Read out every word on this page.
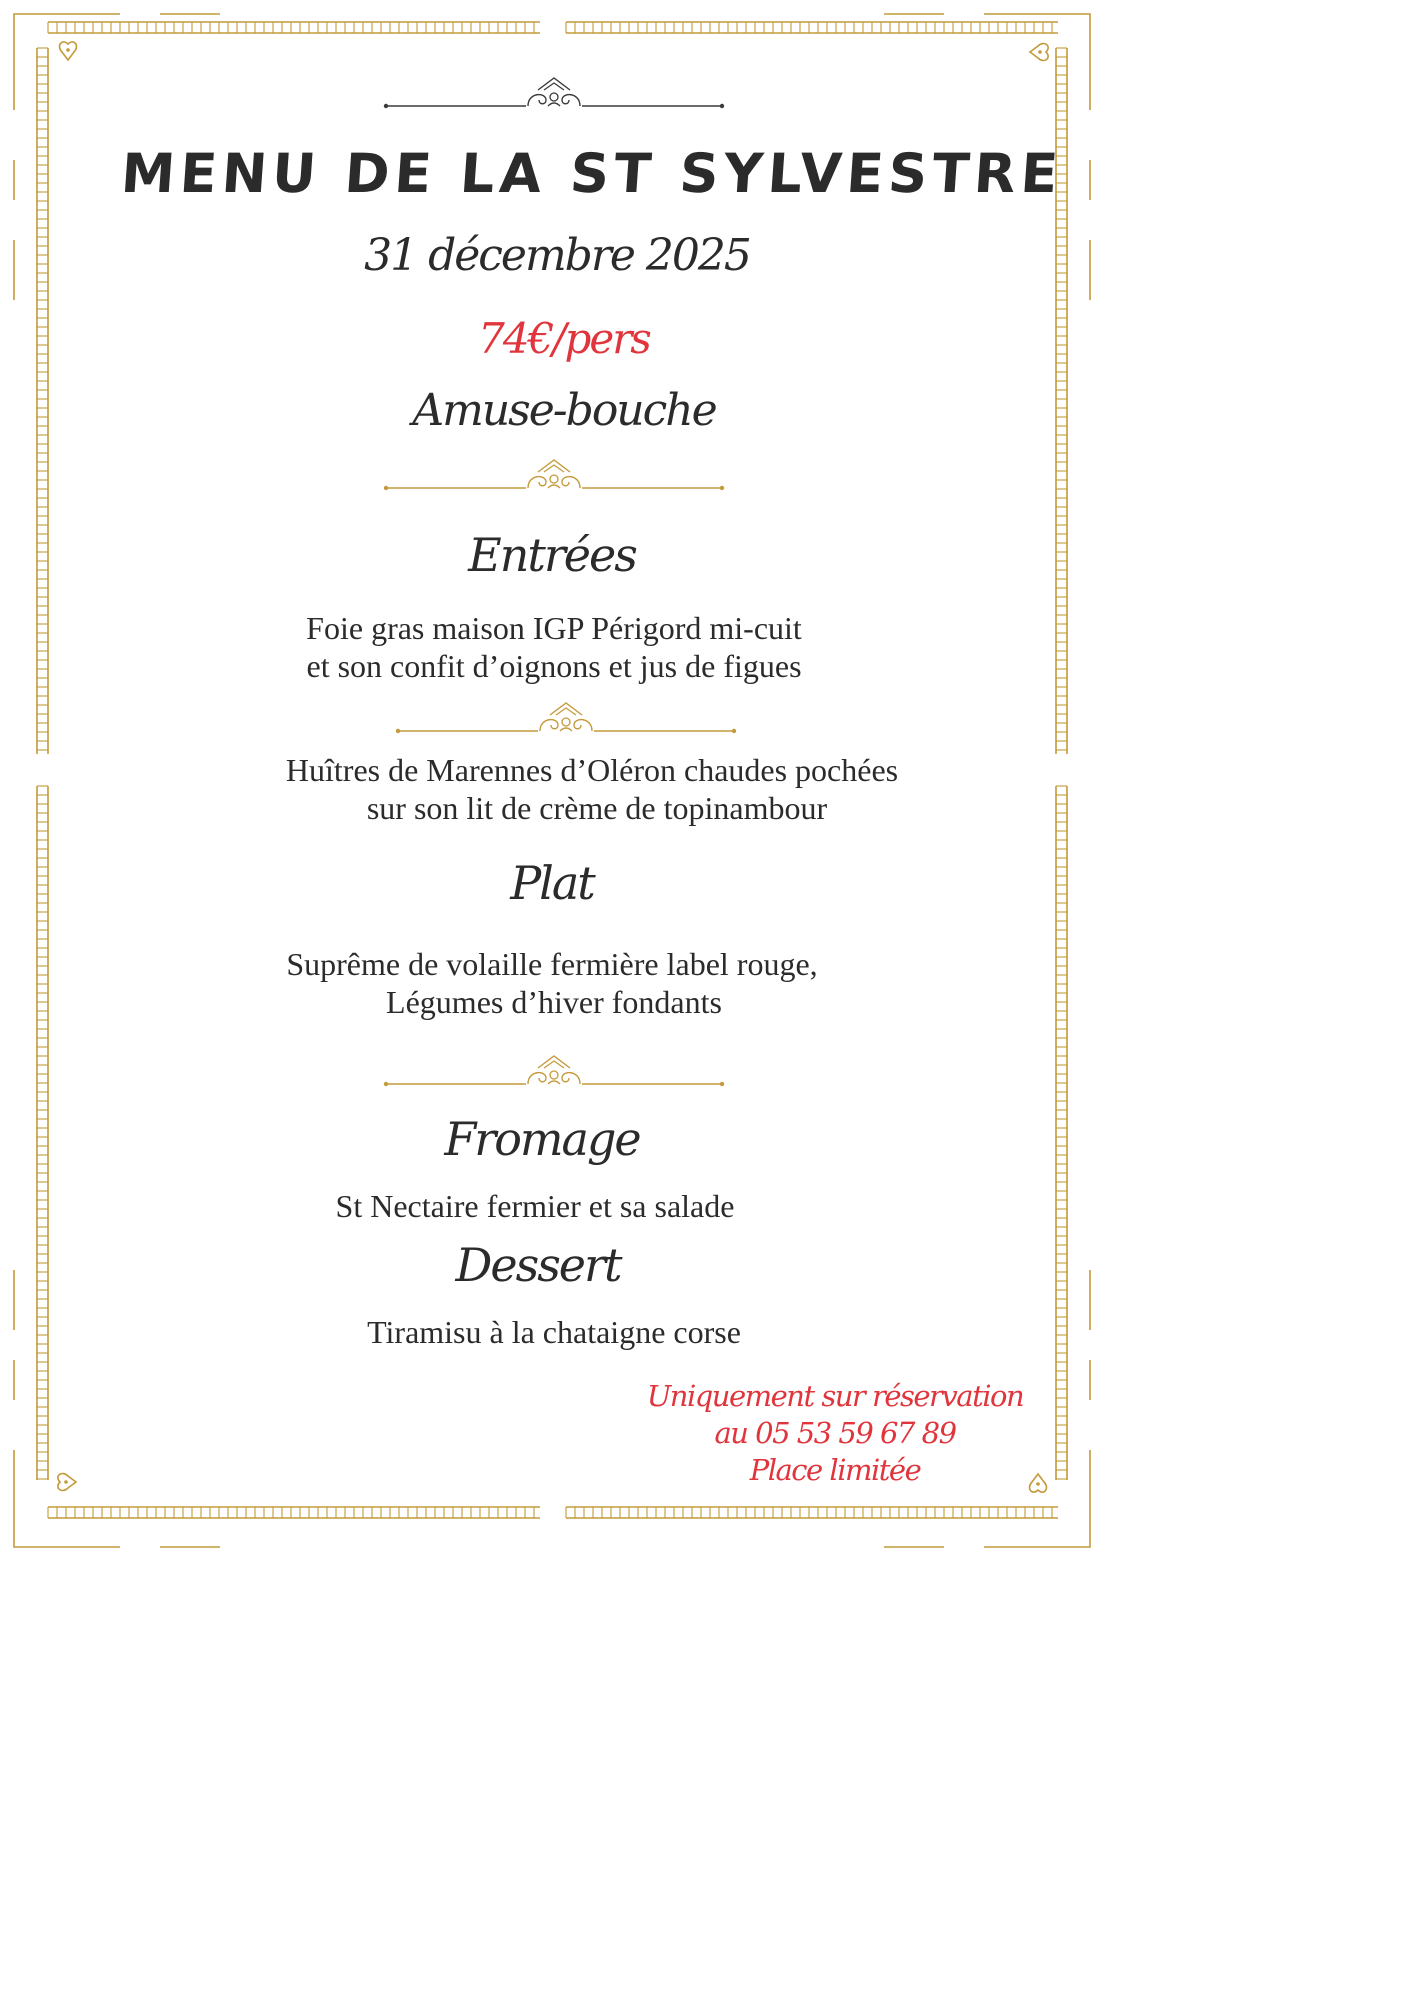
MENU DE LA ST SYLVESTRE
31 décembre 2025
74€/pers
Amuse-bouche
Entrées
Foie gras maison IGP Périgord mi-cuit
et son confit d’oignons et jus de figues
Huîtres de Marennes d’Oléron chaudes pochées
sur son lit de crème de topinambour
Plat
Suprême de volaille fermière label rouge,
Légumes d’hiver fondants
Fromage
St Nectaire fermier et sa salade
Dessert
Tiramisu à la chataigne corse
Uniquement sur réservation
au 05 53 59 67 89
Place limitée
